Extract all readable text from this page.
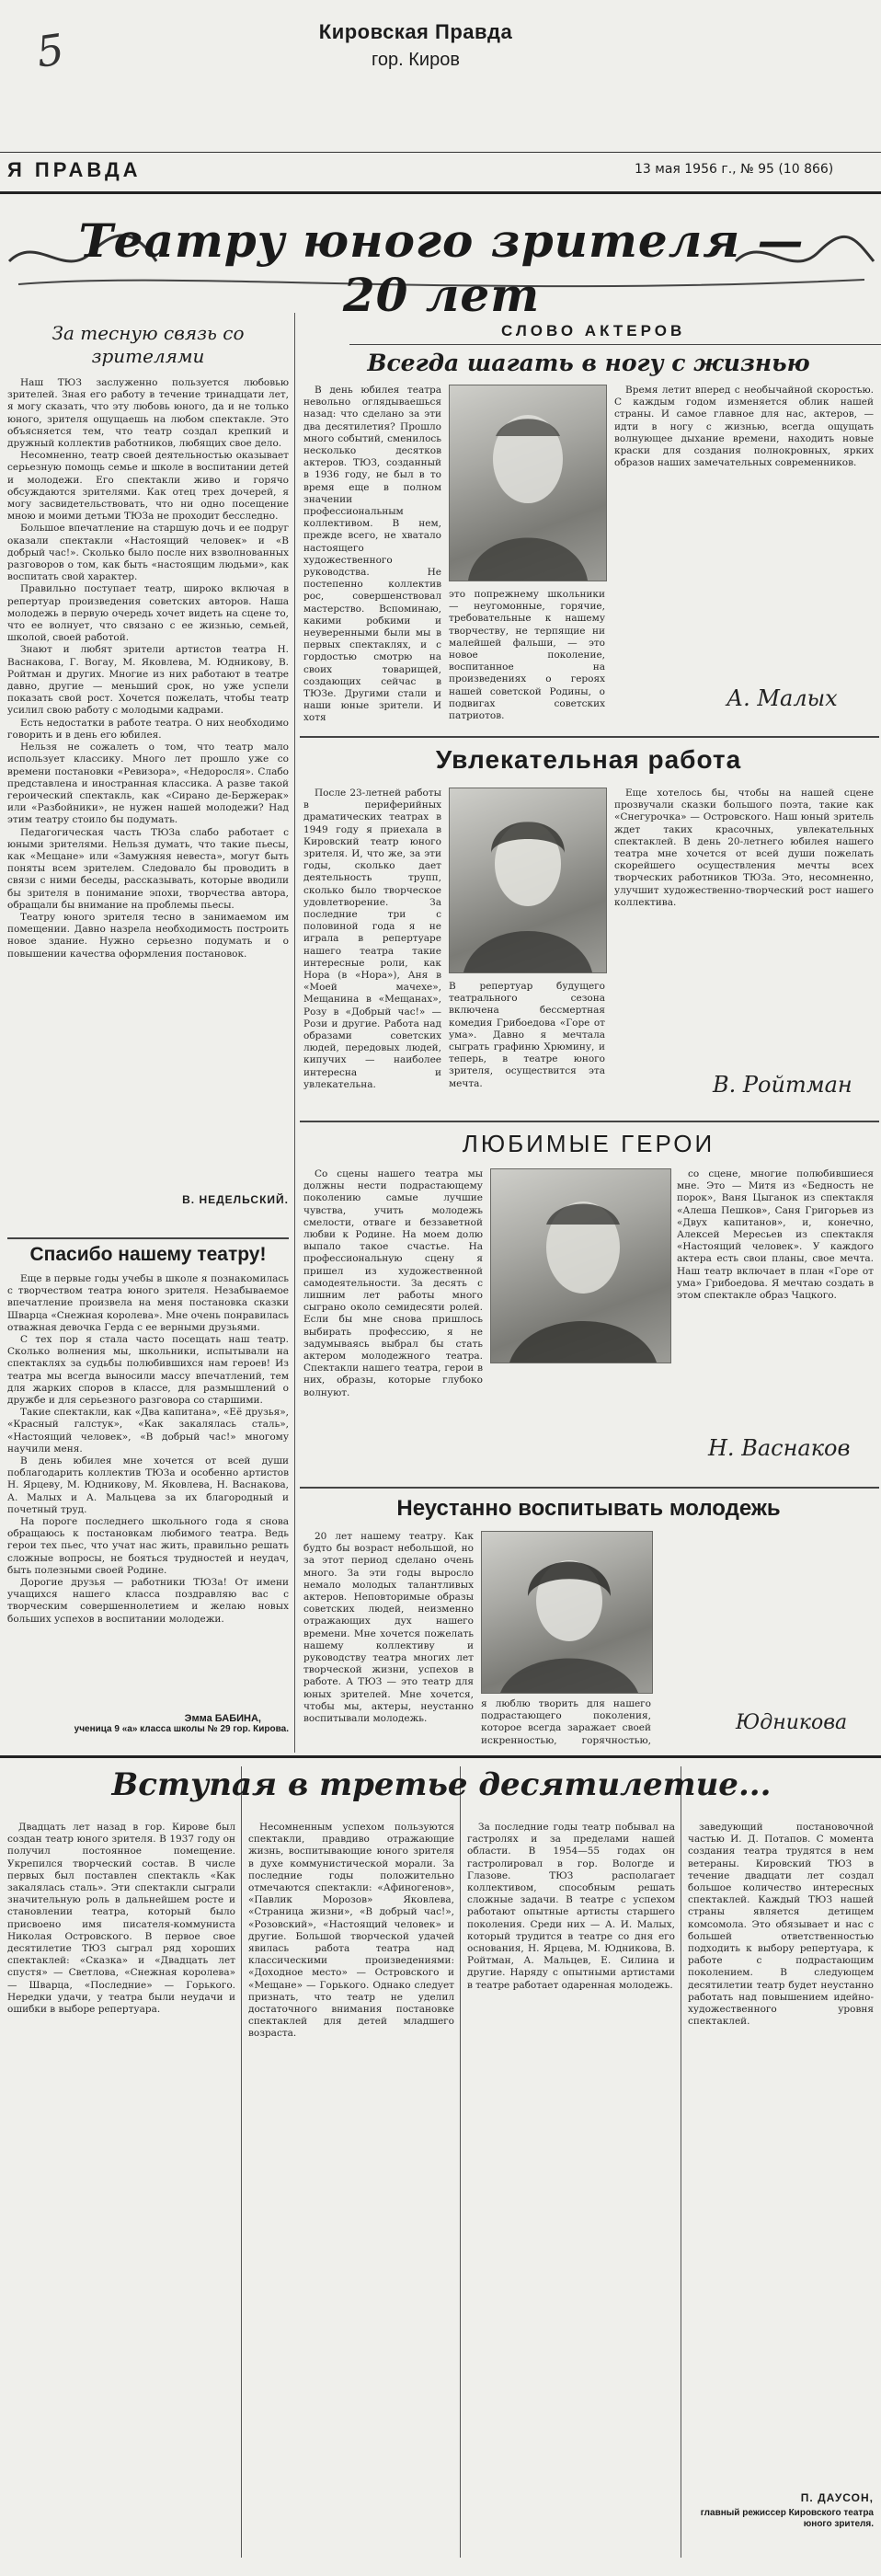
Кировская Правда
гор. Киров
5
Я ПРАВДА	13 мая 1956 г., № 95 (10 866)
Театру юного зрителя — 20 лет
СЛОВО АКТЕРОВ
За тесную связь со зрителями

Наш ТЮЗ заслуженно пользуется любовью зрителей. Зная его работу в течение тринадцати лет, я могу сказать, что эту любовь юного, да и не только юного, зрителя ощущаешь на любом спектакле. Это объясняется тем, что театр создал крепкий и дружный коллектив работников, любящих свое дело.

Несомненно, театр своей деятельностью оказывает серьезную помощь семье и школе в воспитании детей и молодежи. Его спектакли живо и горячо обсуждаются зрителями. Как отец трех дочерей, я могу засвидетельствовать, что ни одно посещение мною и моими детьми ТЮЗа не проходит бесследно.

Большое впечатление на старшую дочь и ее подруг оказали спектакли «Настоящий человек» и «В добрый час!». Сколько было после них взволнованных разговоров о том, как быть «настоящим людьми», как воспитать свой характер.

Правильно поступает театр, широко включая в репертуар произведения советских авторов. Наша молодежь в первую очередь хочет видеть на сцене то, что ее волнует, что связано с ее жизнью, семьей, школой, своей работой.

Знают и любят зрители артистов театра Н. Васнакова, Г. Вогау, М. Яковлева, М. Юдникову, В. Ройтман и других. Многие из них работают в театре давно, другие — меньший срок, но уже успели показать свой рост. Хочется пожелать, чтобы театр усилил свою работу с молодыми кадрами.

Есть недостатки в работе театра. О них необходимо говорить и в день его юбилея.

Нельзя не сожалеть о том, что театр мало использует классику. Много лет прошло уже со времени постановки «Ревизора», «Недоросля». Слабо представлена и иностранная классика. А разве такой героический спектакль, как «Сирано де-Бержерак» или «Разбойники», не нужен нашей молодежи? Над этим театру стоило бы подумать.

Педагогическая часть ТЮЗа слабо работает с юными зрителями. Нельзя думать, что такие пьесы, как «Мещане» или «Замужняя невеста», могут быть поняты всем зрителем. Следовало бы проводить в связи с ними беседы, рассказывать, которые вводили бы зрителя в понимание эпохи, творчества автора, обращали бы внимание на проблемы пьесы.

Театру юного зрителя тесно в занимаемом им помещении. Давно назрела необходимость построить новое здание. Нужно серьезно подумать и о повышении качества оформления постановок.

В. НЕДЕЛЬСКИЙ.
Спасибо нашему театру!

Еще в первые годы учебы в школе я познакомилась с творчеством театра юного зрителя. Незабываемое впечатление произвела на меня постановка сказки Шварца «Снежная королева». Мне очень понравилась отважная девочка Герда с ее верными друзьями.

С тех пор я стала часто посещать наш театр. Сколько волнения мы, школьники, испытывали на спектаклях за судьбы полюбившихся нам героев! Из театра мы всегда выносили массу впечатлений, тем для жарких споров в классе, для размышлений о дружбе и для серьезного разговора со старшими.

Такие спектакли, как «Два капитана», «Её друзья», «Красный галстук», «Как закалялась сталь», «Настоящий человек», «В добрый час!» многому научили меня.

В день юбилея мне хочется от всей души поблагодарить коллектив ТЮЗа и особенно артистов Н. Ярцеву, М. Юдникову, М. Яковлева, Н. Васнакова, А. Малых и А. Мальцева за их благородный и почетный труд.

На пороге последнего школьного года я снова обращаюсь к постановкам любимого театра. Ведь герои тех пьес, что учат нас жить, правильно решать сложные вопросы, не бояться трудностей и неудач, быть полезными своей Родине.

Дорогие друзья — работники ТЮЗа! От имени учащихся нашего класса поздравляю вас с творческим совершеннолетием и желаю новых больших успехов в воспитании молодежи.

Эмма БАБИНА,
ученица 9 «а» класса школы № 29 гор. Кирова.
Всегда шагать в ногу с жизнью
В день юбилея театра невольно оглядываешься назад: что сделано за эти два десятилетия? Прошло много событий, сменилось несколько десятков актеров. ТЮЗ, созданный в 1936 году, не был в то время еще в полном значении профессиональным коллективом. В нем, прежде всего, не хватало настоящего художественного руководства. Не постепенно коллектив рос, совершенствовал мастерство. Вспоминаю, какими робкими и неуверенными были мы в первых спектаклях, и с гордостью смотрю на своих товарищей, создающих сейчас в ТЮЗе. Другими стали и наши юные зрители. И хотя
это попрежнему школьники — неугомонные, горячие, требовательные к нашему творчеству, не терпящие ни малейшей фальши, — это новое поколение, воспитанное на произведениях о героях нашей советской Родины, о подвигах советских патриотов.
Время летит вперед с необычайной скоростью. С каждым годом изменяется облик нашей страны. И самое главное для нас, актеров, — идти в ногу с жизнью, всегда ощущать волнующее дыхание времени, находить новые краски для создания полнокровных, ярких образов наших замечательных современников.
А. Малых
Увлекательная работа
После 23-летней работы в периферийных драматических театрах в 1949 году я приехала в Кировский театр юного зрителя. И, что же, за эти годы, сколько дает деятельность трупп, сколько было творческое удовлетворение. За последние три с половиной года я не играла в репертуаре нашего театра такие интересные роли, как Нора (в «Нора»), Аня в «Моей мачехе», Мещанина в «Мещанах», Розу в «Добрый час!» — Рози и другие. Работа над образами советских людей, передовых людей, кипучих — наиболее интересна и увлекательна.
В репертуар будущего театрального сезона включена бессмертная комедия Грибоедова «Горе от ума». Давно я мечтала сыграть графиню Хрюмину, и теперь, в театре юного зрителя, осуществится эта мечта.
Еще хотелось бы, чтобы на нашей сцене прозвучали сказки большого поэта, такие как «Снегурочка» — Островского. Наш юный зритель ждет таких красочных, увлекательных спектаклей. В день 20-летнего юбилея нашего театра мне хочется от всей души пожелать скорейшего осуществления мечты всех творческих работников ТЮЗа. Это, несомненно, улучшит художественно-творческий рост нашего коллектива.
В. Ройтман
ЛЮБИМЫЕ ГЕРОИ
Со сцены нашего театра мы должны нести подрастающему поколению самые лучшие чувства, учить молодежь смелости, отваге и беззаветной любви к Родине. На моем долю выпало такое счастье. На профессиональную сцену я пришел из художественной самодеятельности. За десять с лишним лет работы много сыграно около семидесяти ролей. Если бы мне снова пришлось выбирать профессию, я не задумываясь выбрал бы стать актером молодежного театра. Спектакли нашего театра, герои в них, образы, которые глубоко волнуют.
со сцене, многие полюбившиеся мне. Это — Митя из «Бедность не порок», Ваня Цыганок из спектакля «Алеша Пешков», Саня Григорьев из «Двух капитанов», и, конечно, Алексей Мересьев из спектакля «Настоящий человек». У каждого актера есть свои планы, свое мечта. Наш театр включает в план «Горе от ума» Грибоедова. Я мечтаю создать в этом спектакле образ Чацкого.
Н. Васнаков
Неустанно воспитывать молодежь
20 лет нашему театру. Как будто бы возраст небольшой, но за этот период сделано очень много. За эти годы выросло немало молодых талантливых актеров. Неповторимые образы советских людей, неизменно отражающих дух нашего времени. Мне хочется пожелать нашему коллективу и руководству театра многих лет творческой жизни, успехов в работе. А ТЮЗ — это театр для юных зрителей. Мне хочется, чтобы мы, актеры, неустанно воспитывали молодежь.
я люблю творить для нашего подрастающего поколения, которое всегда заражает своей искренностью, горячностью,
Юдникова
Вступая в третье десятилетие...
Двадцать лет назад в гор. Кирове был создан театр юного зрителя. В 1937 году он получил постоянное помещение. Укрепился творческий состав. В числе первых был поставлен спектакль «Как закалялась сталь». Эти спектакли сыграли значительную роль в дальнейшем росте и становлении театра, который было присвоено имя писателя-коммуниста Николая Островского. В первое свое десятилетие ТЮЗ сыграл ряд хороших спектаклей: «Сказка» и «Двадцать лет спустя» — Светлова, «Снежная королева» — Шварца, «Последние» — Горького. Нередки удачи, у театра были неудачи и ошибки в выборе репертуара.
Несомненным успехом пользуются спектакли, правдиво отражающие жизнь, воспитывающие юного зрителя в духе коммунистической морали. За последние годы положительно отмечаются спектакли: «Афиногенов», «Павлик Морозов» Яковлева, «Страница жизни», «В добрый час!», «Розовский», «Настоящий человек» и другие. Большой творческой удачей явилась работа театра над классическими произведениями: «Доходное место» — Островского и «Мещане» — Горького. Однако следует признать, что театр не уделил достаточного внимания постановке спектаклей для детей младшего возраста.
За последние годы театр побывал на гастролях и за пределами нашей области. В 1954—55 годах он гастролировал в гор. Вологде и Глазове. ТЮЗ располагает коллективом, способным решать сложные задачи. В театре с успехом работают опытные артисты старшего поколения. Среди них — А. И. Малых, который трудится в театре со дня его основания, Н. Ярцева, М. Юдникова, В. Ройтман, А. Мальцев, Е. Силина и другие. Наряду с опытными артистами в театре работает одаренная молодежь.
заведующий постановочной частью И. Д. Потапов. С момента создания театра трудятся в нем ветераны. Кировский ТЮЗ в течение двадцати лет создал большое количество интересных спектаклей. Каждый ТЮЗ нашей страны является детищем комсомола. Это обязывает и нас с большей ответственностью подходить к выбору репертуара, к работе с подрастающим поколением. В следующем десятилетии театр будет неустанно работать над повышением идейно-художественного уровня спектаклей.
П. ДАУСОН,
главный режиссер Кировского театра юного зрителя.
